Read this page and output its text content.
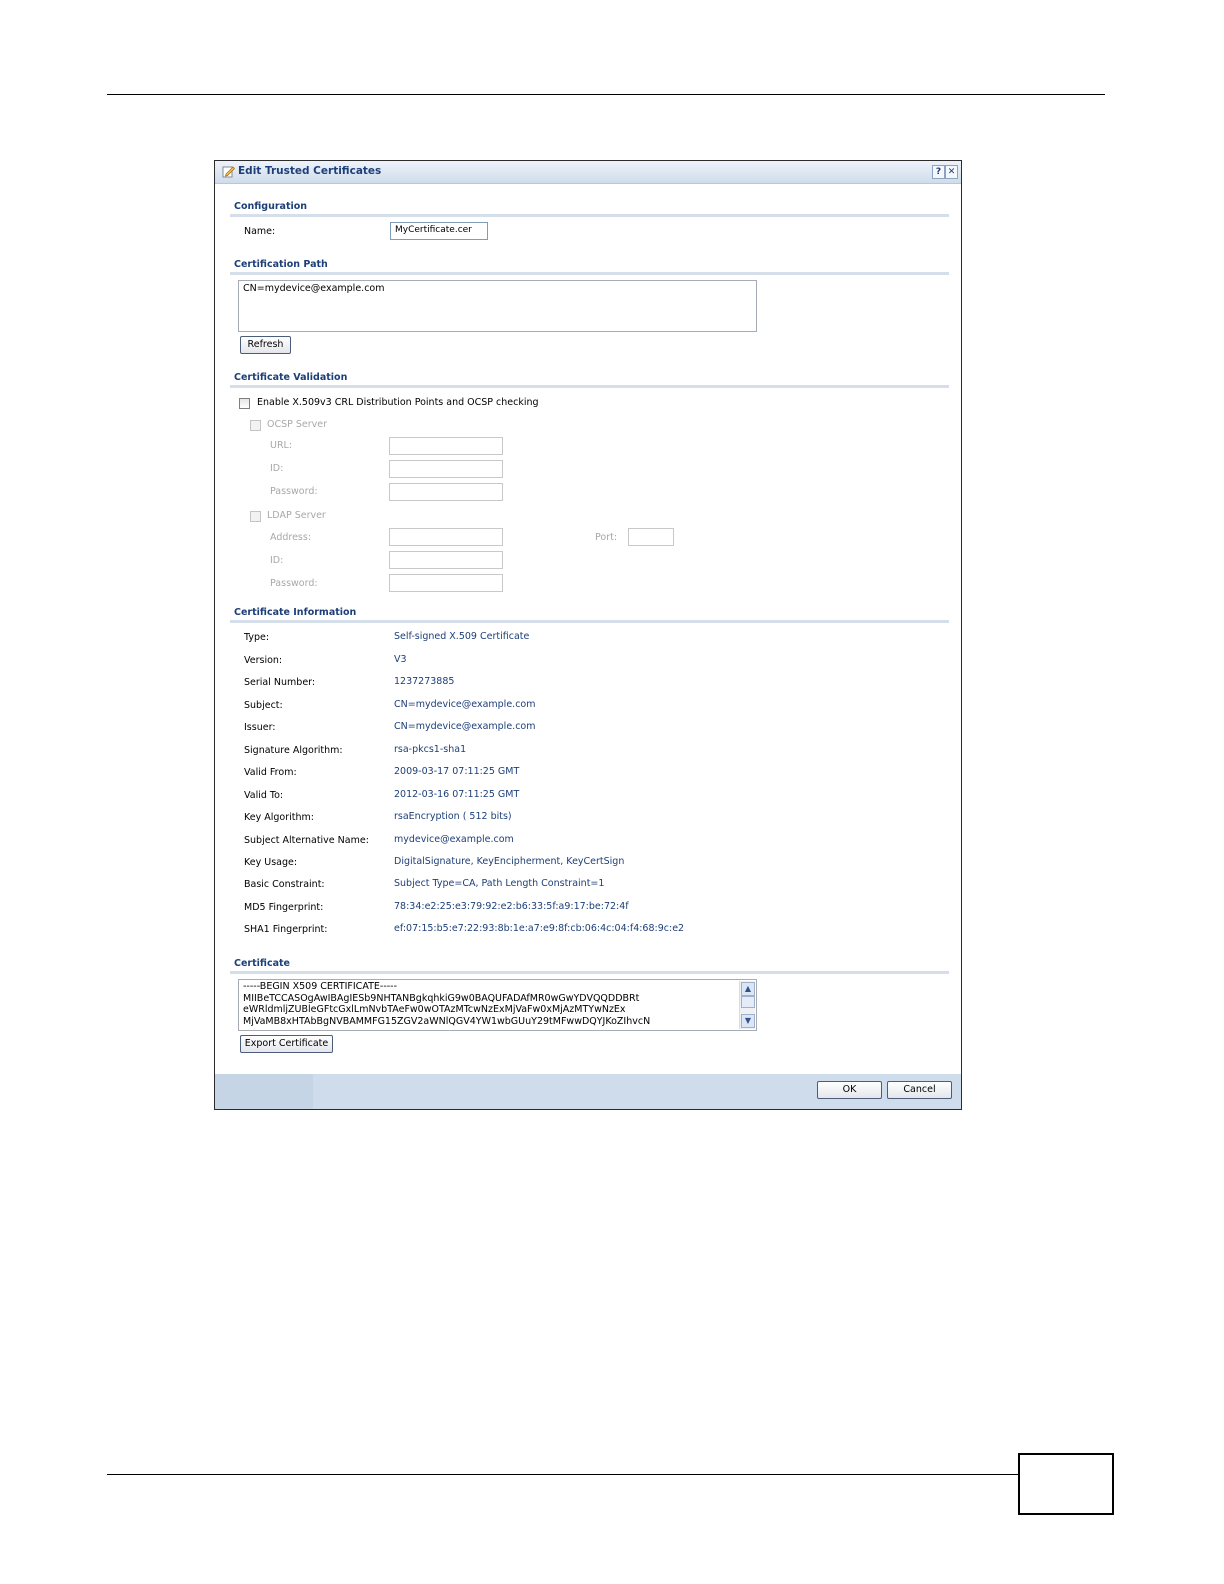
Edit Trusted Certificates	? ✕
Configuration
Name:	MyCertificate.cer
Certification Path
CN=mydevice@example.com
Refresh
Certificate Validation
Enable X.509v3 CRL Distribution Points and OCSP checking
OCSP Server
URL:
ID:
Password:
LDAP Server
Address:	Port:
ID:
Password:
Certificate Information
Type:	Self-signed X.509 Certificate
Version:	V3
Serial Number:	1237273885
Subject:	CN=mydevice@example.com
Issuer:	CN=mydevice@example.com
Signature Algorithm:	rsa-pkcs1-sha1
Valid From:	2009-03-17 07:11:25 GMT
Valid To:	2012-03-16 07:11:25 GMT
Key Algorithm:	rsaEncryption ( 512 bits)
Subject Alternative Name:	mydevice@example.com
Key Usage:	DigitalSignature, KeyEncipherment, KeyCertSign
Basic Constraint:	Subject Type=CA, Path Length Constraint=1
MD5 Fingerprint:	78:34:e2:25:e3:79:92:e2:b6:33:5f:a9:17:be:72:4f
SHA1 Fingerprint:	ef:07:15:b5:e7:22:93:8b:1e:a7:e9:8f:cb:06:4c:04:f4:68:9c:e2
Certificate
-----BEGIN X509 CERTIFICATE-----
MIIBeTCCASOgAwIBAgIESb9NHTANBgkqhkiG9w0BAQUFADAfMR0wGwYDVQQDDBRt
eWRldmljZUBleGFtcGxlLmNvbTAeFw0wOTAzMTcwNzExMjVaFw0xMjAzMTYwNzEx
MjVaMB8xHTAbBgNVBAMMFG15ZGV2aWNlQGV4YW1wbGUuY29tMFwwDQYJKoZIhvcN
▲
▼
Export Certificate
OK	Cancel
